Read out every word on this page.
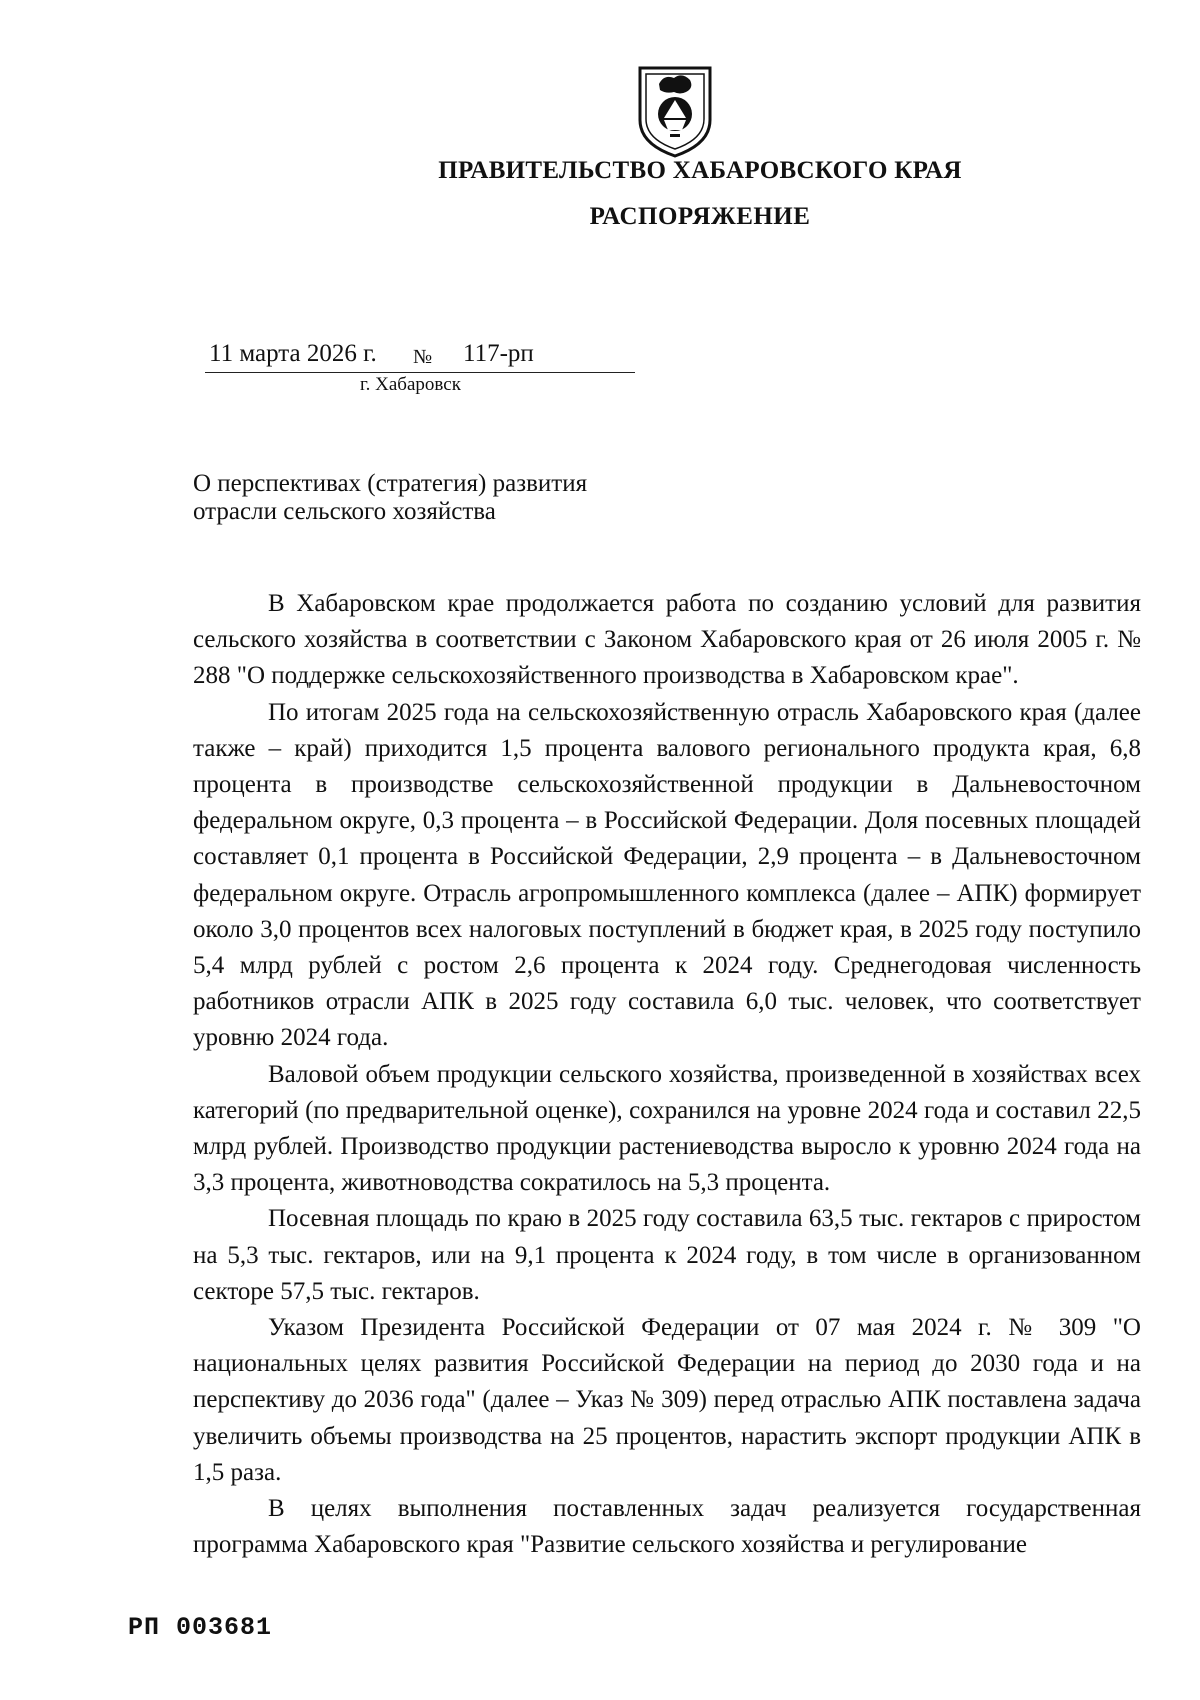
ПРАВИТЕЛЬСТВО ХАБАРОВСКОГО КРАЯ
РАСПОРЯЖЕНИЕ
11 марта 2026 г. № 117-рп
г. Хабаровск
О перспективах (стратегия) развития
отрасли сельского хозяйства

В Хабаровском крае продолжается работа по созданию условий для развития сельского хозяйства в соответствии с Законом Хабаровского края от 26 июля 2005 г. № 288 "О поддержке сельскохозяйственного производства в Хабаровском крае".

По итогам 2025 года на сельскохозяйственную отрасль Хабаровского края (далее также – край) приходится 1,5 процента валового регионального продукта края, 6,8 процента в производстве сельскохозяйственной продукции в Дальневосточном федеральном округе, 0,3 процента – в Российской Федерации. Доля посевных площадей составляет 0,1 процента в Российской Федерации, 2,9 процента – в Дальневосточном федеральном округе. Отрасль агропромышленного комплекса (далее – АПК) формирует около 3,0 процентов всех налоговых поступлений в бюджет края, в 2025 году поступило 5,4 млрд рублей с ростом 2,6 процента к 2024 году. Среднегодовая численность работников отрасли АПК в 2025 году составила 6,0 тыс. человек, что соответствует уровню 2024 года.

Валовой объем продукции сельского хозяйства, произведенной в хозяйствах всех категорий (по предварительной оценке), сохранился на уровне 2024 года и составил 22,5 млрд рублей. Производство продукции растениеводства выросло к уровню 2024 года на 3,3 процента, животноводства сократилось на 5,3 процента.

Посевная площадь по краю в 2025 году составила 63,5 тыс. гектаров с приростом на 5,3 тыс. гектаров, или на 9,1 процента к 2024 году, в том числе в организованном секторе 57,5 тыс. гектаров.

Указом Президента Российской Федерации от 07 мая 2024 г. № 309 "О национальных целях развития Российской Федерации на период до 2030 года и на перспективу до 2036 года" (далее – Указ № 309) перед отраслью АПК поставлена задача увеличить объемы производства на 25 процентов, нарастить экспорт продукции АПК в 1,5 раза.

В целях выполнения поставленных задач реализуется государственная программа Хабаровского края "Развитие сельского хозяйства и регулирование

РП 003681
